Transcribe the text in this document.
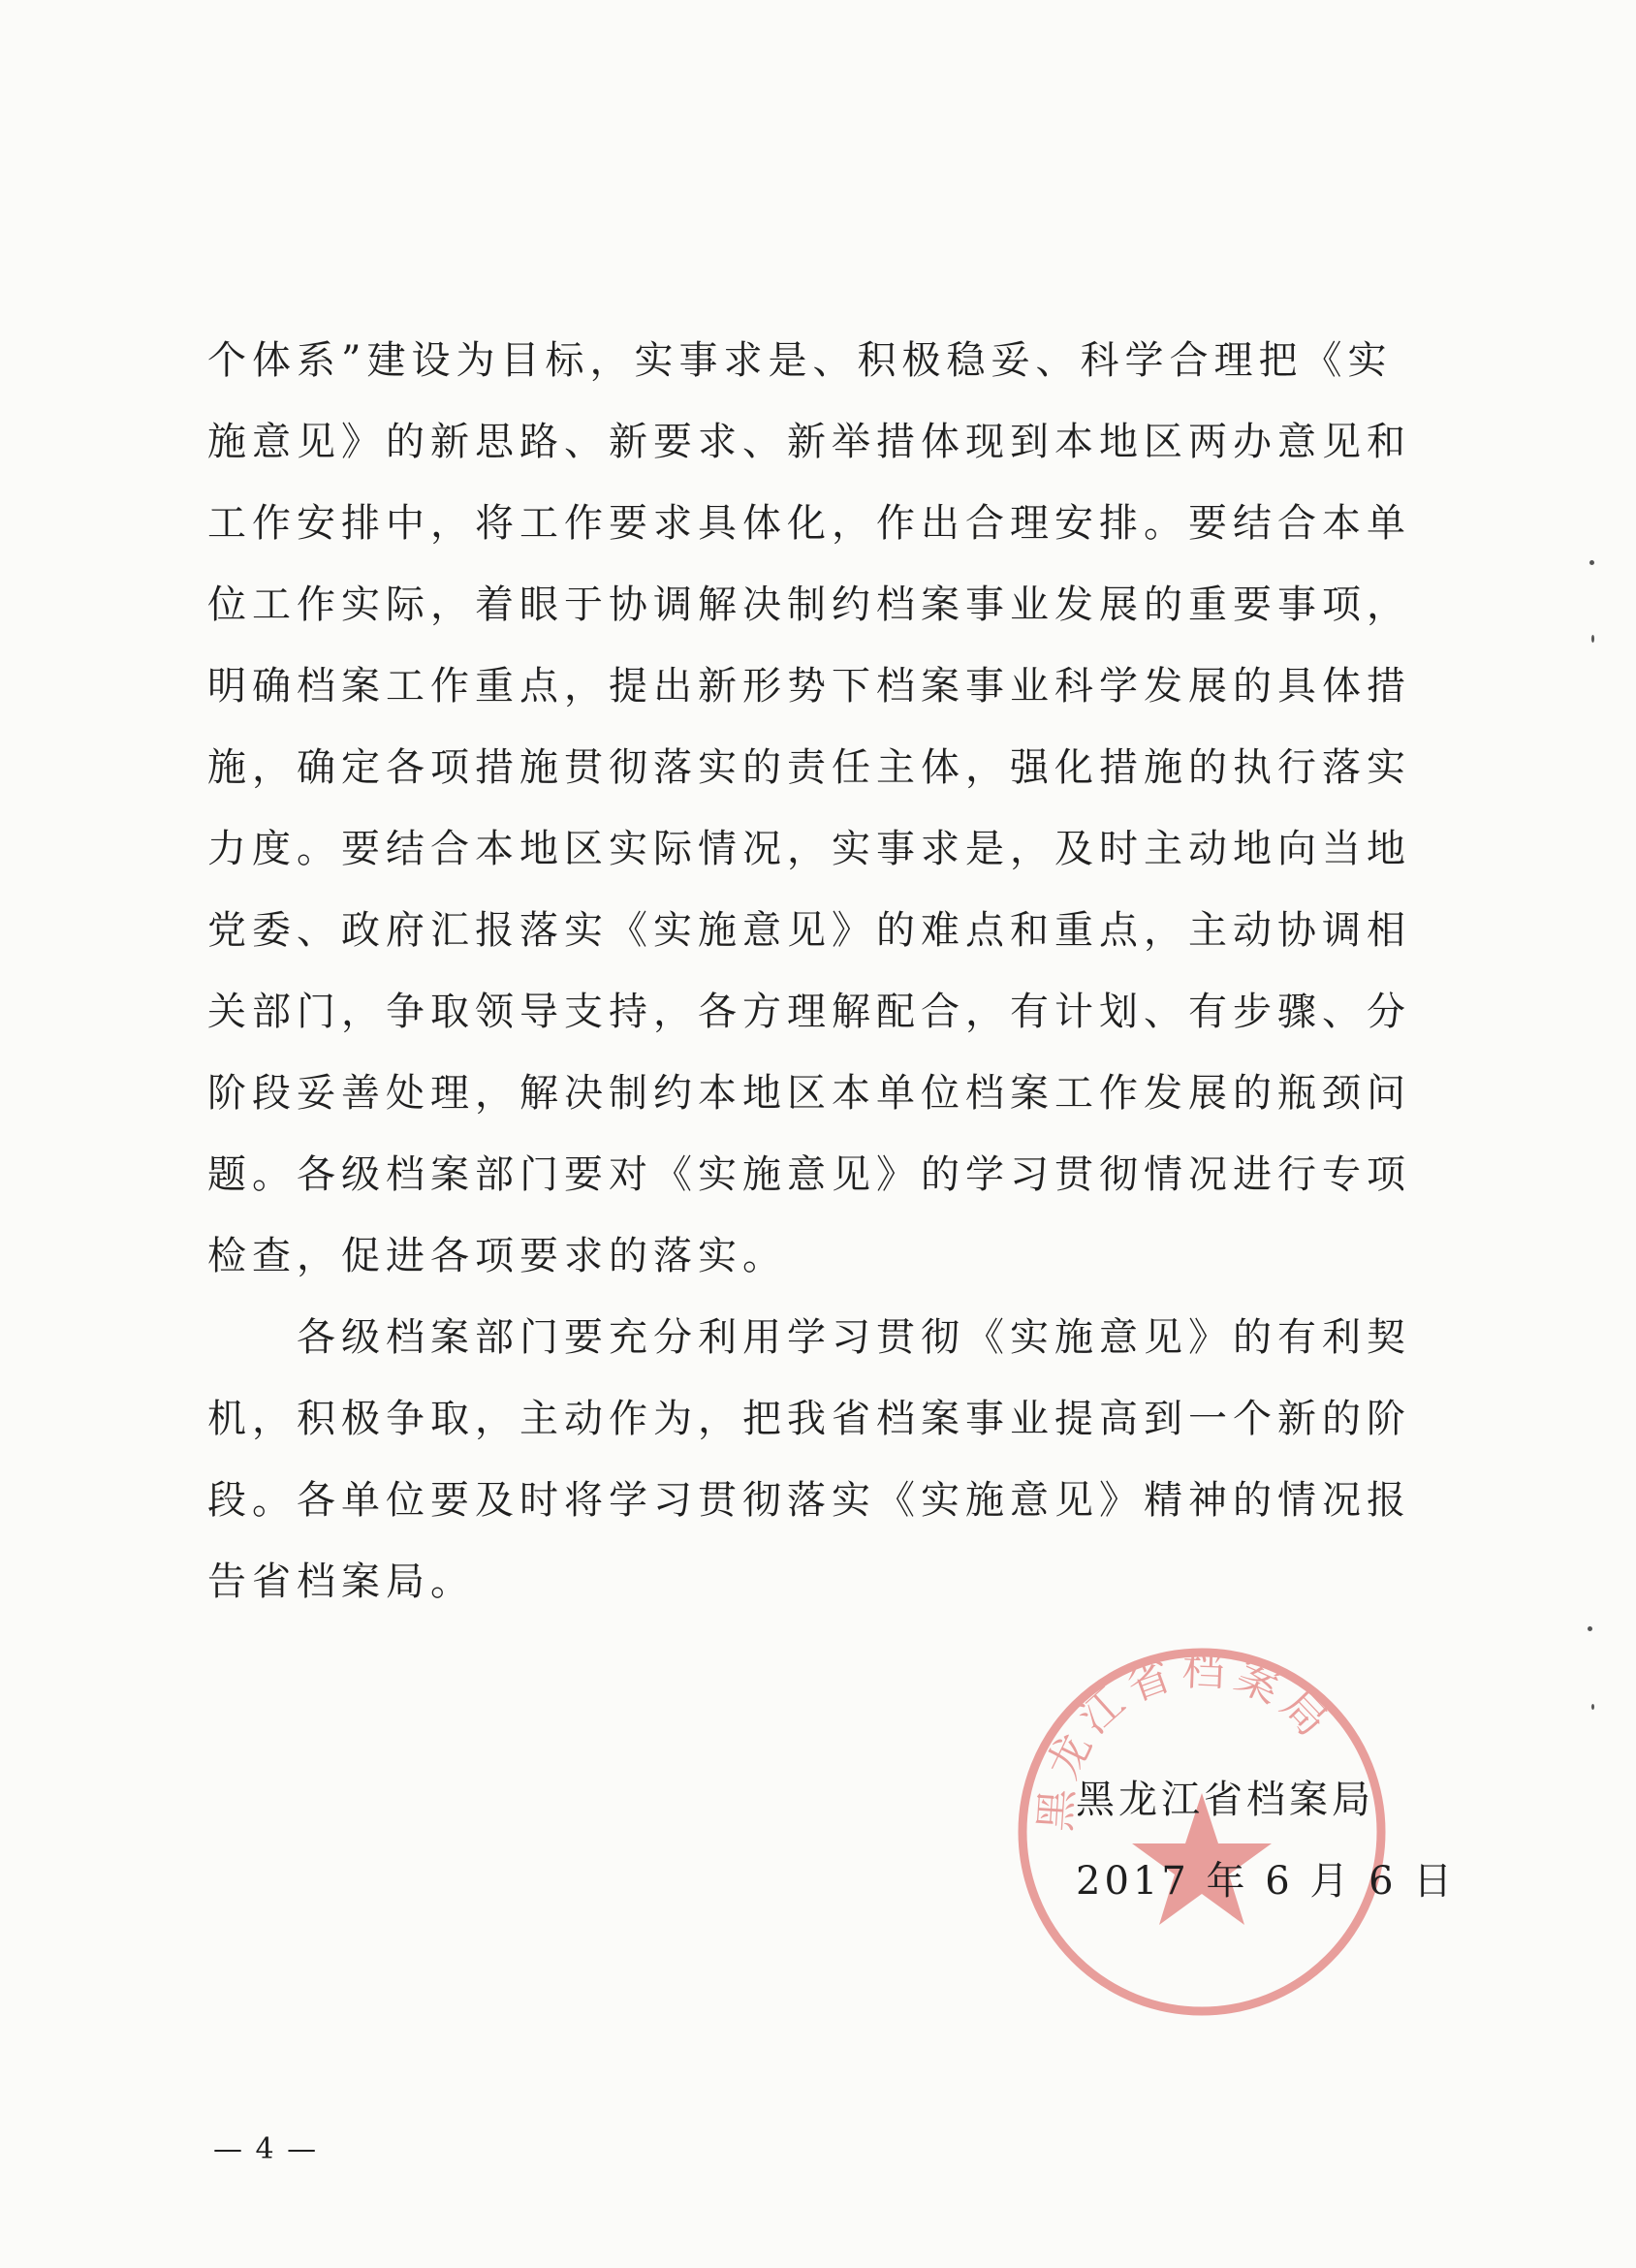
个体系”建设为目标，实事求是、积极稳妥、科学合理把《实
施意见》的新思路、新要求、新举措体现到本地区两办意见和
工作安排中，将工作要求具体化，作出合理安排。要结合本单
位工作实际，着眼于协调解决制约档案事业发展的重要事项，
明确档案工作重点，提出新形势下档案事业科学发展的具体措
施，确定各项措施贯彻落实的责任主体，强化措施的执行落实
力度。要结合本地区实际情况，实事求是，及时主动地向当地
党委、政府汇报落实《实施意见》的难点和重点，主动协调相
关部门，争取领导支持，各方理解配合，有计划、有步骤、分
阶段妥善处理，解决制约本地区本单位档案工作发展的瓶颈问
题。各级档案部门要对《实施意见》的学习贯彻情况进行专项
检查，促进各项要求的落实。

各级档案部门要充分利用学习贯彻《实施意见》的有利契
机，积极争取，主动作为，把我省档案事业提高到一个新的阶
段。各单位要及时将学习贯彻落实《实施意见》精神的情况报
告省档案局。

黑龙江省档案局
黑龙江省档案局
2017 年 6 月 6 日
— 4 —
